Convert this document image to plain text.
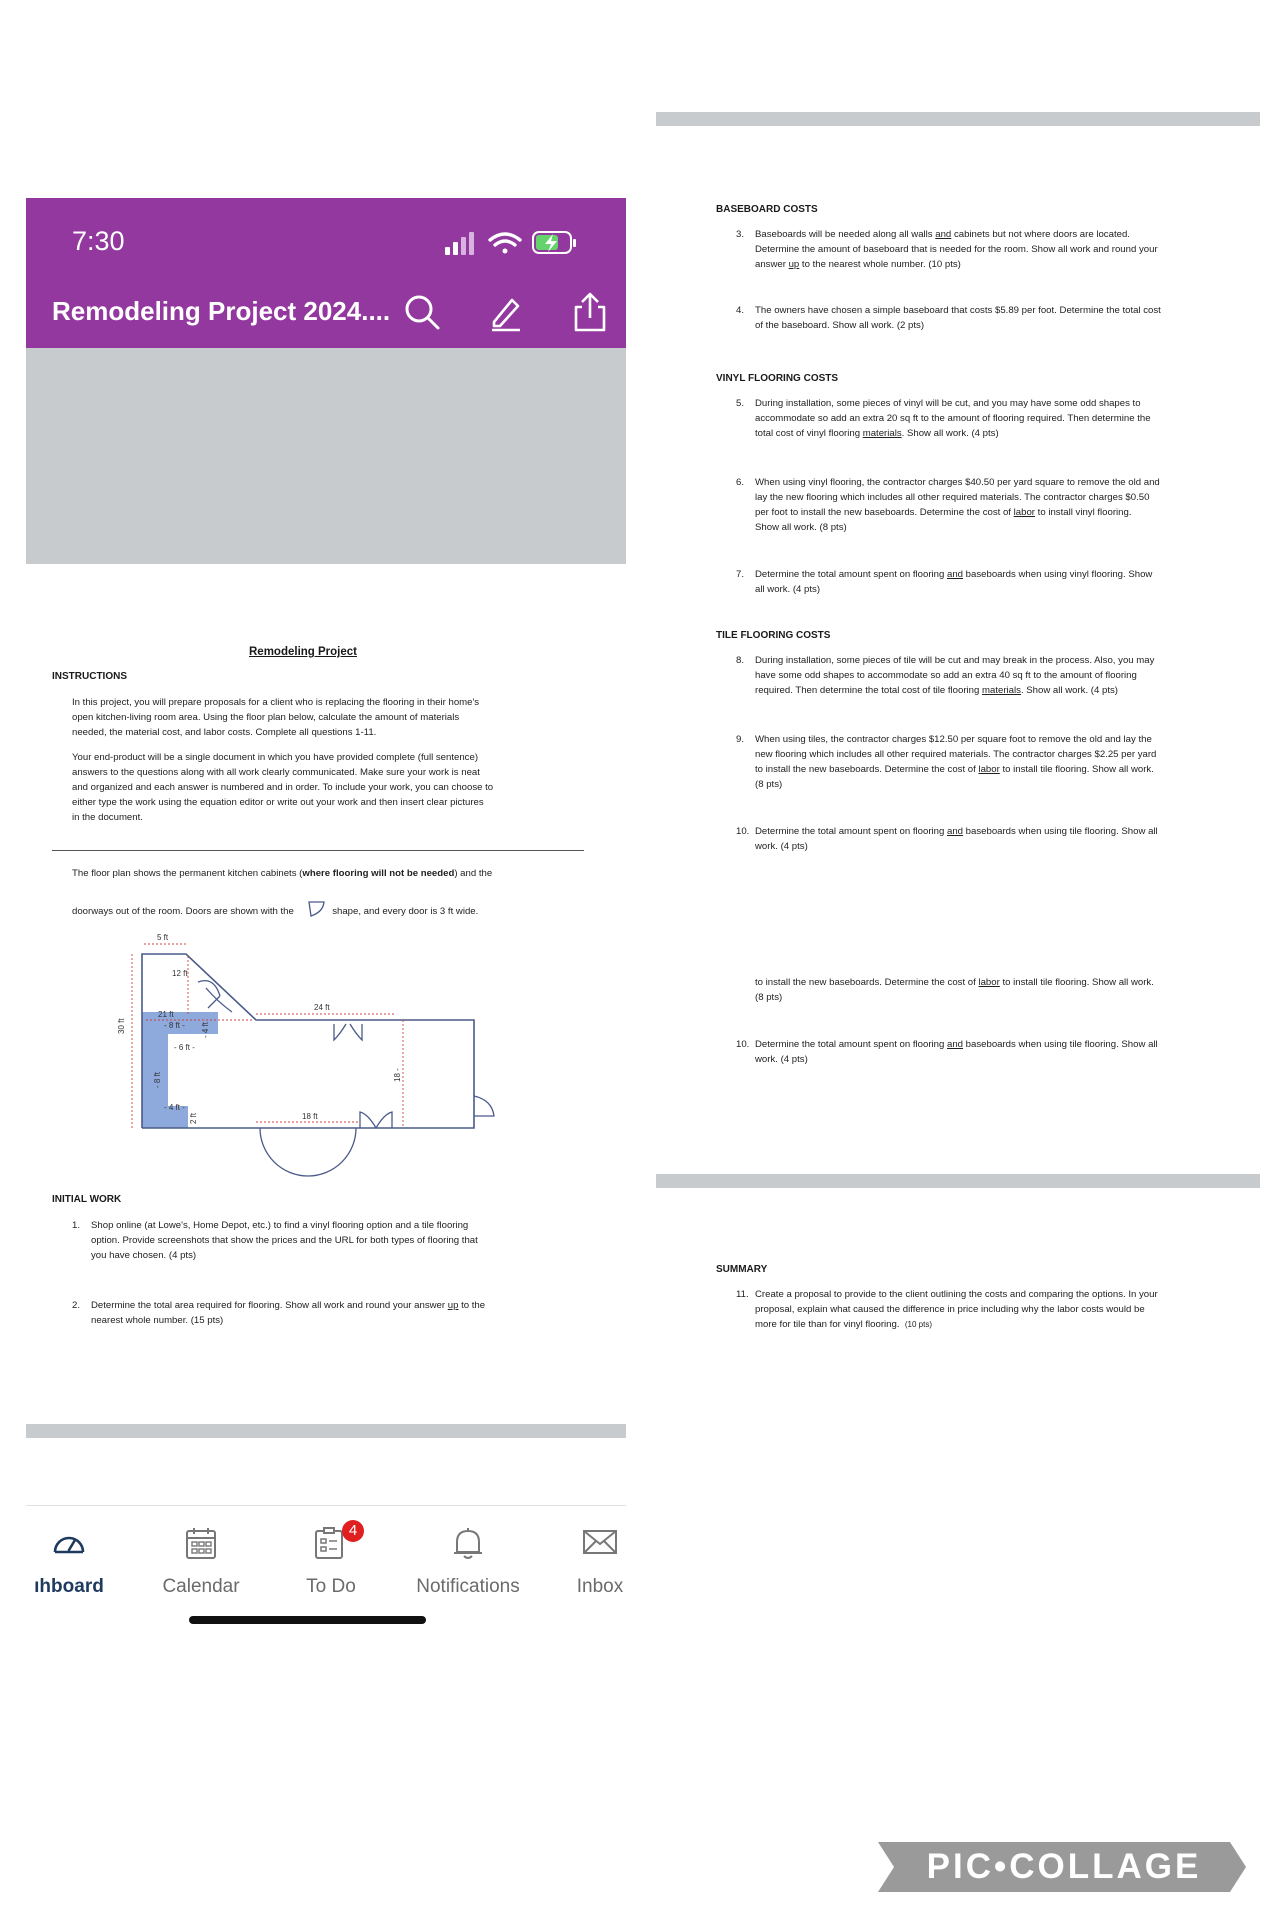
7:30
Remodeling Project 2024....
Remodeling Project
INSTRUCTIONS
In this project, you will prepare proposals for a client who is replacing the flooring in their home's
open kitchen-living room area. Using the floor plan below, calculate the amount of materials
needed, the material cost, and labor costs. Complete all questions 1-11.
Your end-product will be a single document in which you have provided complete (full sentence)
answers to the questions along with all work clearly communicated. Make sure your work is neat
and organized and each answer is numbered and in order. To include your work, you can choose to
either type the work using the equation editor or write out your work and then insert clear pictures
in the document.
The floor plan shows the permanent kitchen cabinets (where flooring will not be needed) and the
doorways out of the room. Doors are shown with the	shape, and every door is 3 ft wide.
5 ft
12 ft
21 ft
24 ft
30 ft	- 8 ft - - 4 ft
- 6 ft -
- 8 ft
- 4 ft -
2 ft	18 ft
18 -
INITIAL WORK
1. Shop online (at Lowe's, Home Depot, etc.) to find a vinyl flooring option and a tile flooring
option. Provide screenshots that show the prices and the URL for both types of flooring that
you have chosen. (4 pts)
2. Determine the total area required for flooring. Show all work and round your answer up to the
nearest whole number. (15 pts)
ıhboard	Calendar
4
To Do	Notifications	Inbox
BASEBOARD COSTS
3. Baseboards will be needed along all walls and cabinets but not where doors are located.
Determine the amount of baseboard that is needed for the room. Show all work and round your
answer up to the nearest whole number. (10 pts)
4. The owners have chosen a simple baseboard that costs $5.89 per foot. Determine the total cost
of the baseboard. Show all work. (2 pts)
VINYL FLOORING COSTS
5. During installation, some pieces of vinyl will be cut, and you may have some odd shapes to
accommodate so add an extra 20 sq ft to the amount of flooring required. Then determine the
total cost of vinyl flooring materials. Show all work. (4 pts)
6. When using vinyl flooring, the contractor charges $40.50 per yard square to remove the old and
lay the new flooring which includes all other required materials. The contractor charges $0.50
per foot to install the new baseboards. Determine the cost of labor to install vinyl flooring.
Show all work. (8 pts)
7. Determine the total amount spent on flooring and baseboards when using vinyl flooring. Show
all work. (4 pts)
TILE FLOORING COSTS
8. During installation, some pieces of tile will be cut and may break in the process. Also, you may
have some odd shapes to accommodate so add an extra 40 sq ft to the amount of flooring
required. Then determine the total cost of tile flooring materials. Show all work. (4 pts)
9. When using tiles, the contractor charges $12.50 per square foot to remove the old and lay the
new flooring which includes all other required materials. The contractor charges $2.25 per yard
to install the new baseboards. Determine the cost of labor to install tile flooring. Show all work.
(8 pts)
10. Determine the total amount spent on flooring and baseboards when using tile flooring. Show all
work. (4 pts)
to install the new baseboards. Determine the cost of labor to install tile flooring. Show all work.
(8 pts)
10. Determine the total amount spent on flooring and baseboards when using tile flooring. Show all
work. (4 pts)
SUMMARY
11. Create a proposal to provide to the client outlining the costs and comparing the options. In your
proposal, explain what caused the difference in price including why the labor costs would be
more for tile than for vinyl flooring. (10 pts)
PIC•COLLAGE
